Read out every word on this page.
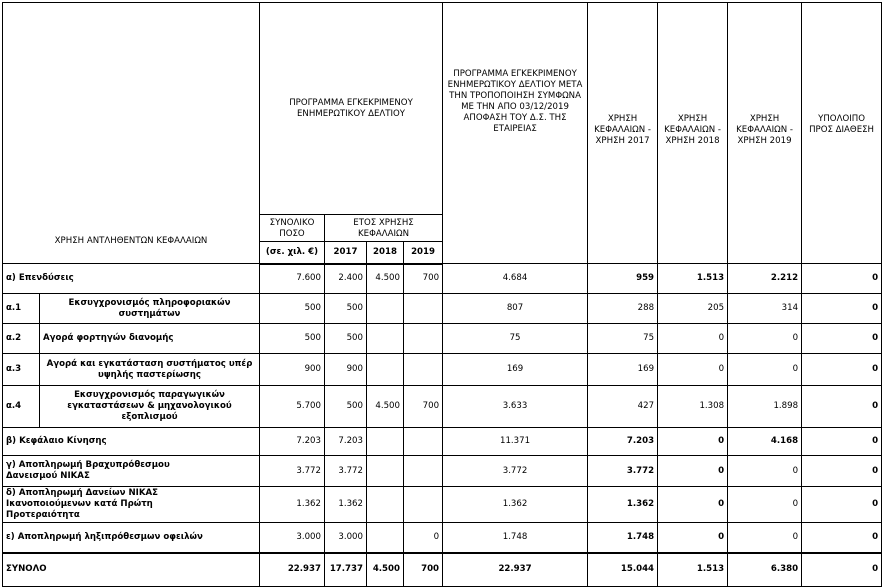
ΧΡΗΣΗ ΑΝΤΛΗΘΕΝΤΩΝ ΚΕΦΑΛΑΙΩΝ		ΠΡΟΓΡΑΜΜΑ ΕΓΚΕΚΡΙΜΕΝΟΥ ΕΝΗΜΕΡΩΤΙΚΟΥ ΔΕΛΤΙΟΥ				ΠΡΟΓΡΑΜΜΑ ΕΓΚΕΚΡΙΜΕΝΟΥ ΕΝΗΜΕΡΩΤΙΚΟΥ ΔΕΛΤΙΟΥ ΜΕΤΑ ΤΗΝ ΤΡΟΠΟΠΟΙΗΣΗ ΣΥΜΦΩΝΑ ΜΕ ΤΗΝ ΑΠΟ 03/12/2019 ΑΠΟΦΑΣΗ ΤΟΥ Δ.Σ. ΤΗΣ ΕΤΑΙΡΕΙΑΣ	ΧΡΗΣΗ ΚΕΦΑΛΑΙΩΝ - ΧΡΗΣΗ 2017	ΧΡΗΣΗ ΚΕΦΑΛΑΙΩΝ - ΧΡΗΣΗ 2018	ΧΡΗΣΗ ΚΕΦΑΛΑΙΩΝ - ΧΡΗΣΗ 2019	ΥΠΟΛΟΙΠΟ ΠΡΟΣ ΔΙΑΘΕΣΗ
		ΣΥΝΟΛΙΚΟ ΠΟΣΟ	ΕΤΟΣ ΧΡΗΣΗΣ ΚΕΦΑΛΑΙΩΝ							
		(σε. χιλ. €)	2017	2018	2019					
α) Επενδύσεις		7.600	2.400	4.500	700	4.684	959	1.513	2.212	0
α.1	Εκσυγχρονισμός πληροφοριακών συστημάτων	500	500			807	288	205	314	0
α.2	Αγορά φορτηγών διανομής	500	500			75	75	0	0	0
α.3	Αγορά και εγκατάσταση συστήματος υπέρ υψηλής παστερίωσης	900	900			169	169	0	0	0
α.4	Εκσυγχρονισμός παραγωγικών εγκαταστάσεων & μηχανολογικού εξοπλισμού	5.700	500	4.500	700	3.633	427	1.308	1.898	0
β) Κεφάλαιο Κίνησης		7.203	7.203			11.371	7.203	0	4.168	0
γ) Αποπληρωμή Βραχυπρόθεσμου Δανεισμού ΝΙΚΑΣ		3.772	3.772			3.772	3.772	0	0	0
δ) Αποπληρωμή Δανείων ΝΙΚΑΣ Ικανοποιούμενων κατά Πρώτη Προτεραιότητα		1.362	1.362			1.362	1.362	0	0	0
ε) Αποπληρωμή ληξιπρόθεσμων οφειλών		3.000	3.000		0	1.748	1.748	0	0	0
ΣΥΝΟΛΟ		22.937	17.737	4.500	700	22.937	15.044	1.513	6.380	0
